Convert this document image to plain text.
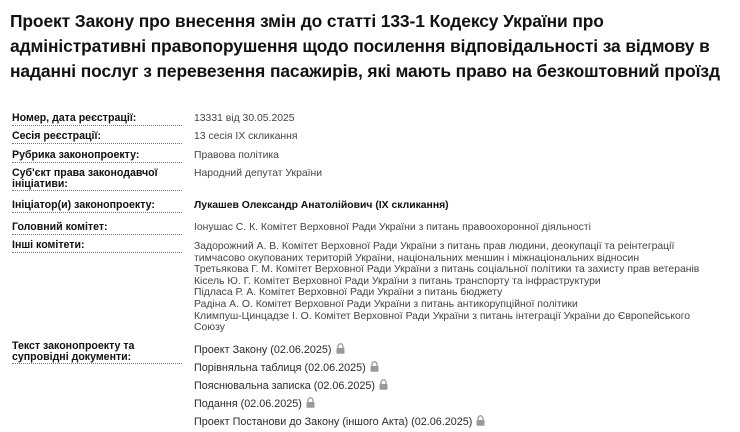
Проект Закону про внесення змін до статті 133-1 Кодексу України про адміністративні правопорушення щодо посилення відповідальності за відмову в наданні послуг з перевезення пасажирів, які мають право на безкоштовний проїзд
Номер, дата реєстрації:	13331 від 30.05.2025
Сесія реєстрації:	13 сесія IX скликання
Рубрика законопроекту:	Правова політика
Суб'єкт права законодавчої
ініціативи:
Народний депутат України
Ініціатор(и) законопроекту:	Лукашев Олександр Анатолійович (IX скликання)
Головний комітет:	Іонушас С. К. Комітет Верховної Ради України з питань правоохоронної діяльності
Інші комітети:	Задорожний А. В. Комітет Верховної Ради України з питань прав людини, деокупації та реінтеграції
тимчасово окупованих територій України, національних меншин і міжнаціональних відносин
Третьякова Г. М. Комітет Верховної Ради України з питань соціальної політики та захисту прав ветеранів
Кісель Ю. Г. Комітет Верховної Ради України з питань транспорту та інфраструктури
Підласа Р. А. Комітет Верховної Ради України з питань бюджету
Радіна А. О. Комітет Верховної Ради України з питань антикорупційної політики
Климпуш-Цинцадзе І. О. Комітет Верховної Ради України з питань інтеграції України до Європейського
Союзу
Текст законопроекту та
супровідні документи:
Проект Закону (02.06.2025)
Порівняльна таблиця (02.06.2025)
Пояснювальна записка (02.06.2025)
Подання (02.06.2025)
Проект Постанови до Закону (іншого Акта) (02.06.2025)
